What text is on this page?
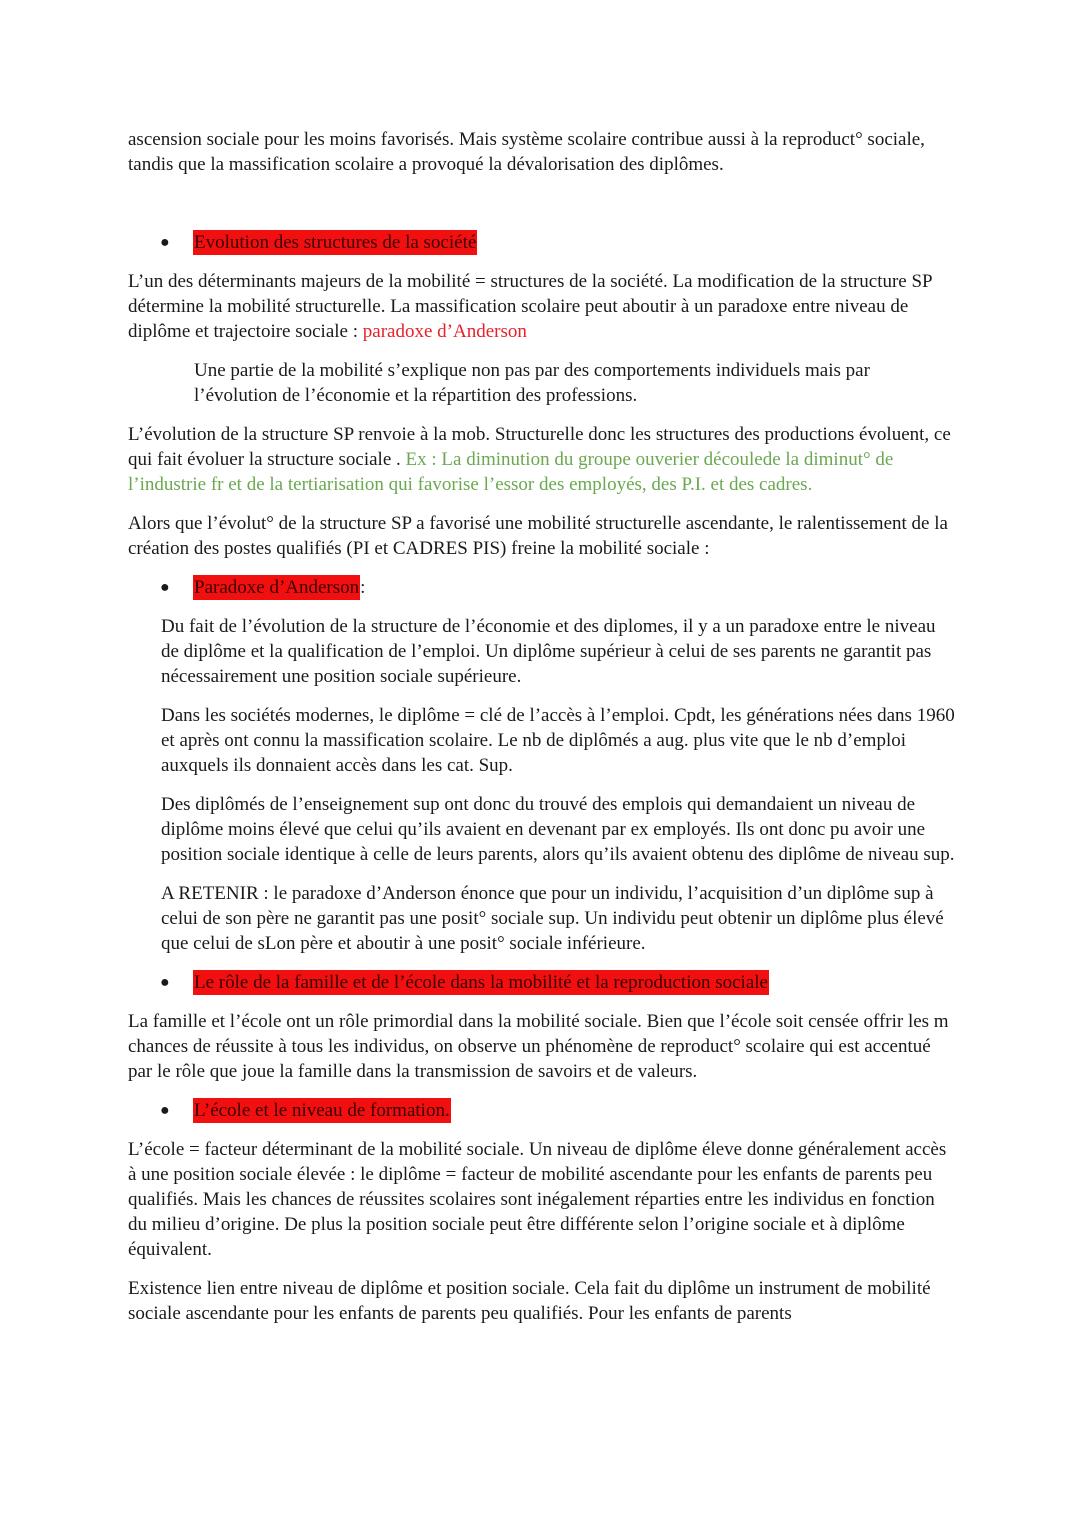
ascension sociale pour les moins favorisés. Mais système scolaire contribue aussi à la reproduct° sociale, tandis que la massification scolaire a provoqué la dévalorisation des diplômes.

●	Evolution des structures de la société

L’un des déterminants majeurs de la mobilité = structures de la société. La modification de la structure SP détermine la mobilité structurelle. La massification scolaire peut aboutir à un paradoxe entre niveau de diplôme et trajectoire sociale : paradoxe d’Anderson

Une partie de la mobilité s’explique non pas par des comportements individuels mais par l’évolution de l’économie et la répartition des professions.

L’évolution de la structure SP renvoie à la mob. Structurelle donc les structures des productions évoluent, ce qui fait évoluer la structure sociale . Ex : La diminution du groupe ouverier découlede la diminut° de l’industrie fr et de la tertiarisation qui favorise l’essor des employés, des P.I. et des cadres.

Alors que l’évolut° de la structure SP a favorisé une mobilité structurelle ascendante, le ralentissement de la création des postes qualifiés (PI et CADRES PIS) freine la mobilité sociale :

●	Paradoxe d’Anderson :

Du fait de l’évolution de la structure de l’économie et des diplomes, il y a un paradoxe entre le niveau de diplôme et la qualification de l’emploi. Un diplôme supérieur à celui de ses parents ne garantit pas nécessairement une position sociale supérieure.

Dans les sociétés modernes, le diplôme = clé de l’accès à l’emploi. Cpdt, les générations nées dans 1960 et après ont connu la massification scolaire. Le nb de diplômés a aug. plus vite que le nb d’emploi auxquels ils donnaient accès dans les cat. Sup.

Des diplômés de l’enseignement sup ont donc du trouvé des emplois qui demandaient un niveau de diplôme moins élevé que celui qu’ils avaient en devenant par ex employés. Ils ont donc pu avoir une position sociale identique à celle de leurs parents, alors qu’ils avaient obtenu des diplôme de niveau sup.

A RETENIR : le paradoxe d’Anderson énonce que pour un individu, l’acquisition d’un diplôme sup à celui de son père ne garantit pas une posit° sociale sup. Un individu peut obtenir un diplôme plus élevé que celui de sLon père et aboutir à une posit° sociale inférieure.

●	Le rôle de la famille et de l’école dans la mobilité et la reproduction sociale

La famille et l’école ont un rôle primordial dans la mobilité sociale. Bien que l’école soit censée offrir les m chances de réussite à tous les individus, on observe un phénomène de reproduct° scolaire qui est accentué par le rôle que joue la famille dans la transmission de savoirs et de valeurs.

●	L’école et le niveau de formation.

L’école = facteur déterminant de la mobilité sociale. Un niveau de diplôme éleve donne généralement accès à une position sociale élevée : le diplôme = facteur de mobilité ascendante pour les enfants de parents peu qualifiés. Mais les chances de réussites scolaires sont inégalement réparties entre les individus en fonction du milieu d’origine. De plus la position sociale peut être différente selon l’origine sociale et à diplôme équivalent.

Existence lien entre niveau de diplôme et position sociale. Cela fait du diplôme un instrument de mobilité sociale ascendante pour les enfants de parents peu qualifiés. Pour les enfants de parents
